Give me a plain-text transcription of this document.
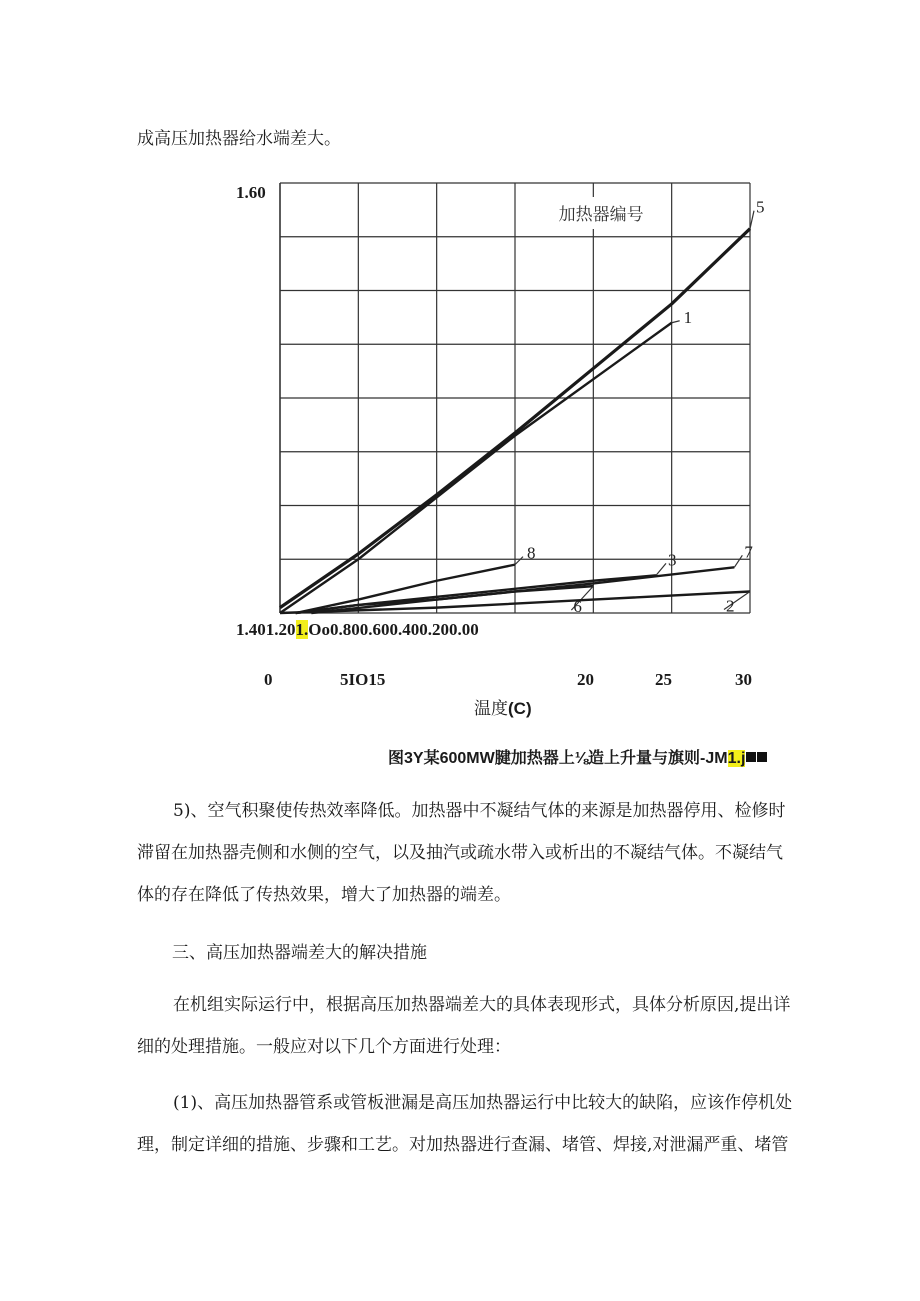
成高压加热器给水端差大。
5
1
8	3
6
7
2
加热器编号
1.60
1.401.201.Oo0.800.600.400.200.00
0	5IO15	20	25	30
温度(C)
图3Y某600MW腱加热器上⅛造上升量与旗则-JM1.j
5)、空气积聚使传热效率降低。加热器中不凝结气体的来源是加热器停用、检修时
滞留在加热器壳侧和水侧的空气，以及抽汽或疏水带入或析出的不凝结气体。不凝结气
体的存在降低了传热效果，增大了加热器的端差。
三、高压加热器端差大的解决措施
在机组实际运行中，根据高压加热器端差大的具体表现形式，具体分析原因,提出详
细的处理措施。一般应对以下几个方面进行处理：
(1)、高压加热器管系或管板泄漏是高压加热器运行中比较大的缺陷，应该作停机处
理，制定详细的措施、步骤和工艺。对加热器进行查漏、堵管、焊接,对泄漏严重、堵管
